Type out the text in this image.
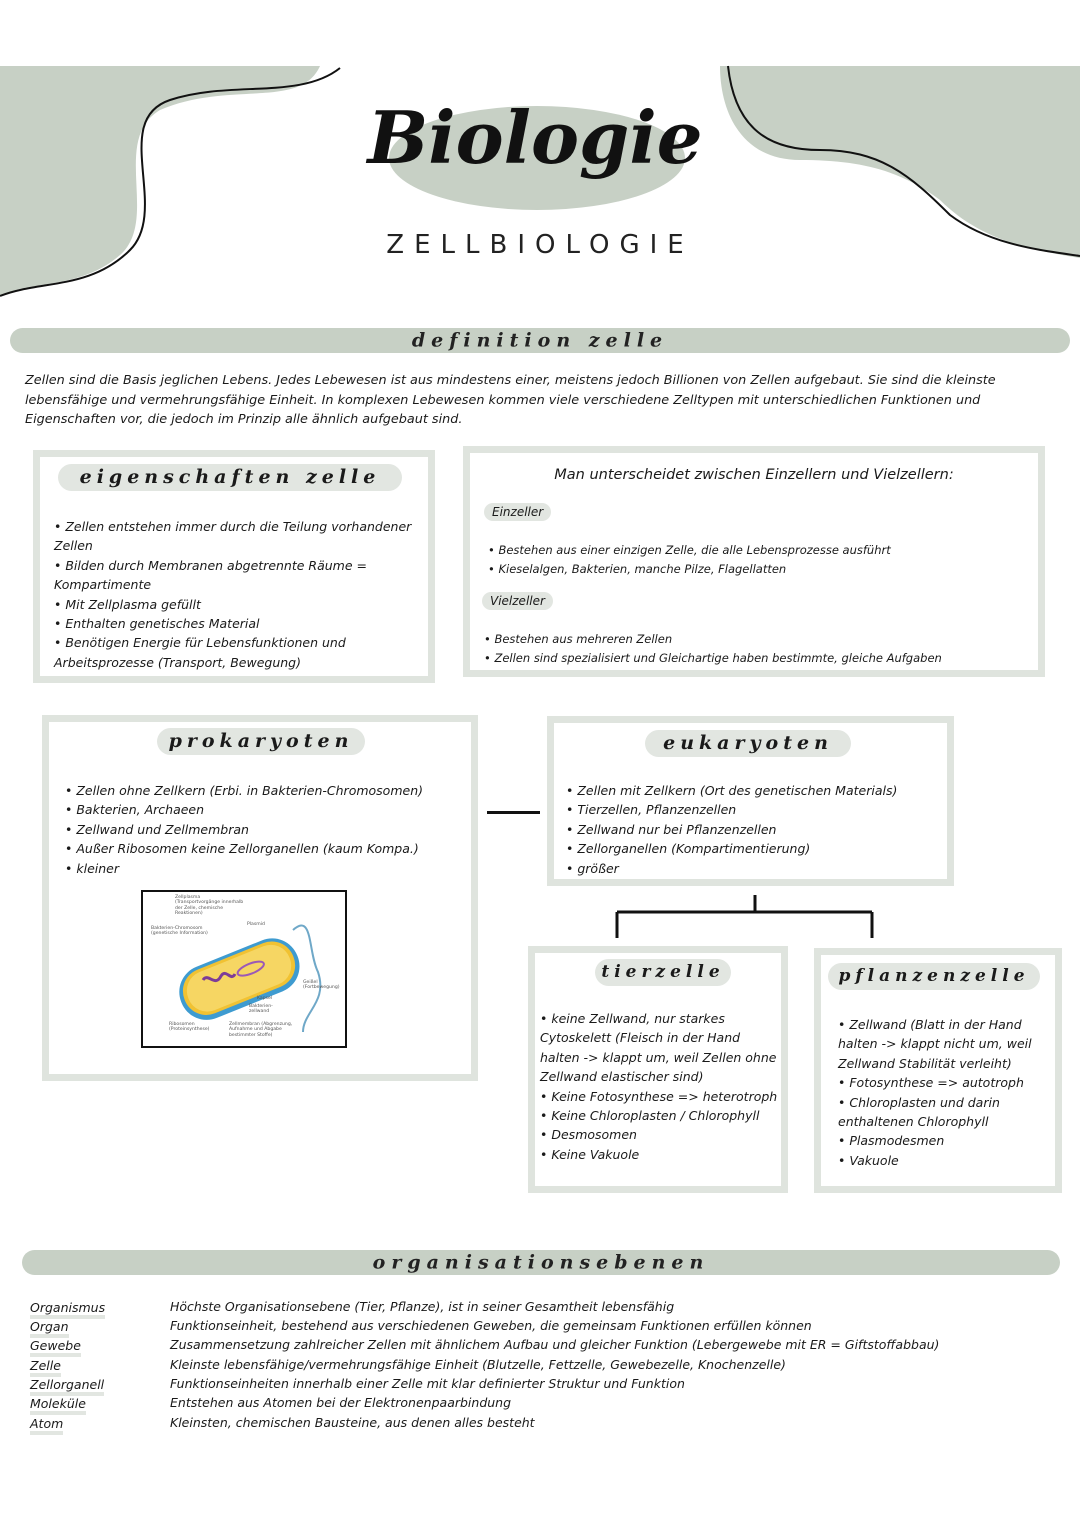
Biologie
ZELLBIOLOGIE
definition zelle
Zellen sind die Basis jeglichen Lebens. Jedes Lebewesen ist aus mindestens einer, meistens jedoch Billionen von Zellen aufgebaut. Sie sind die kleinste lebensfähige und vermehrungsfähige Einheit. In komplexen Lebewesen kommen viele verschiedene Zelltypen mit unterschiedlichen Funktionen und Eigenschaften vor, die jedoch im Prinzip alle ähnlich aufgebaut sind.
eigenschaften zelle
• Zellen entstehen immer durch die Teilung vorhandener Zellen
• Bilden durch Membranen abgetrennte Räume = Kompartimente
• Mit Zellplasma gefüllt
• Enthalten genetisches Material
• Benötigen Energie für Lebensfunktionen und Arbeitsprozesse (Transport, Bewegung)
Man unterscheidet zwischen Einzellern und Vielzellern:
Einzeller
• Bestehen aus einer einzigen Zelle, die alle Lebensprozesse ausführt
• Kieselalgen, Bakterien, manche Pilze, Flagellatten
Vielzeller
• Bestehen aus mehreren Zellen
• Zellen sind spezialisiert und Gleichartige haben bestimmte, gleiche Aufgaben
prokaryoten
• Zellen ohne Zellkern (Erbi. in Bakterien-Chromosomen)
• Bakterien, Archaeen
• Zellwand und Zellmembran
• Außer Ribosomen keine Zellorganellen (kaum Kompa.)
• kleiner
Zellplasma (Transportvorgänge innerhalb der Zelle, chemische Reaktionen)
Bakterien-Chromosom (genetische Information)
Plasmid
Geißel (Fortbewegung)
Kapsel
Bakterien-zellwand
Ribosomen (Proteinsynthese)
Zellmembran (Abgrenzung, Aufnahme und Abgabe bestimmter Stoffe)
eukaryoten
• Zellen mit Zellkern (Ort des genetischen Materials)
• Tierzellen, Pflanzenzellen
• Zellwand nur bei Pflanzenzellen
• Zellorganellen (Kompartimentierung)
• größer
tierzelle
• keine Zellwand, nur starkes Cytoskelett (Fleisch in der Hand halten -> klappt um, weil Zellen ohne Zellwand elastischer sind)
• Keine Fotosynthese => heterotroph
• Keine Chloroplasten / Chlorophyll
• Desmosomen
• Keine Vakuole
pflanzenzelle
• Zellwand (Blatt in der Hand halten -> klappt nicht um, weil Zellwand Stabilität verleiht)
• Fotosynthese => autotroph
• Chloroplasten und darin enthaltenen Chlorophyll
• Plasmodesmen
• Vakuole
organisationsebenen
Organismus	Höchste Organisationsebene (Tier, Pflanze), ist in seiner Gesamtheit lebensfähig
Organ	Funktionseinheit, bestehend aus verschiedenen Geweben, die gemeinsam Funktionen erfüllen können
Gewebe	Zusammensetzung zahlreicher Zellen mit ähnlichem Aufbau und gleicher Funktion (Lebergewebe mit ER = Giftstoffabbau)
Zelle	Kleinste lebensfähige/vermehrungsfähige Einheit (Blutzelle, Fettzelle, Gewebezelle, Knochenzelle)
Zellorganell	Funktionseinheiten innerhalb einer Zelle mit klar definierter Struktur und Funktion
Moleküle	Entstehen aus Atomen bei der Elektronenpaarbindung
Atom	Kleinsten, chemischen Bausteine, aus denen alles besteht
